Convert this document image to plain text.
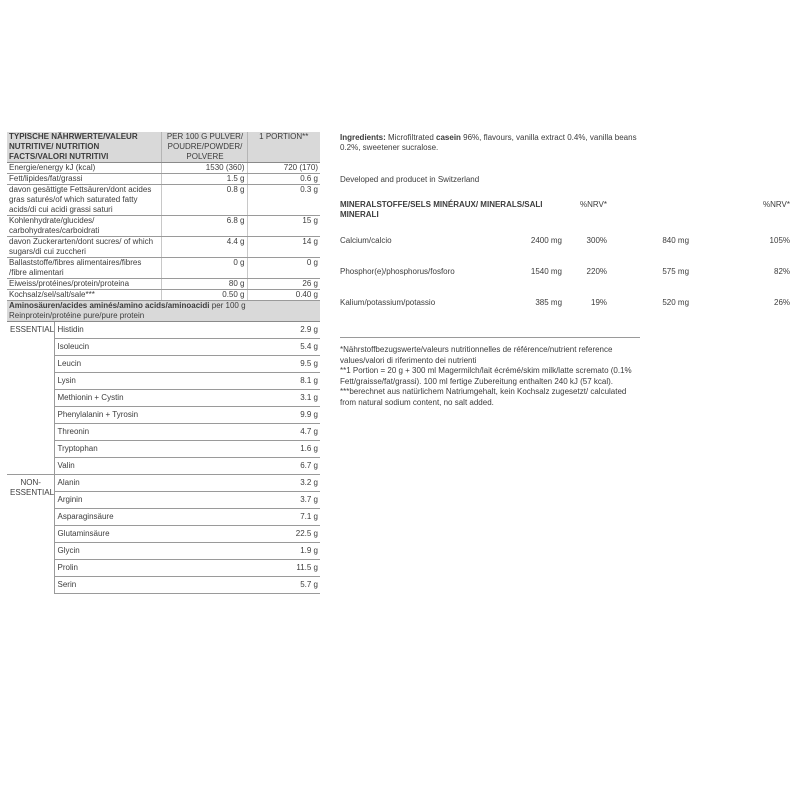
TYPISCHE NÄHRWERTE/VALEUR NUTRITIVE/ NUTRITION FACTS/VALORI NUTRITIVI	PER 100 G PULVER/ POUDRE/POWDER/ POLVERE	1 PORTION**
Energie/energy kJ (kcal)	1530 (360)	720 (170)
Fett/lipides/fat/grassi	1.5 g	0.6 g
davon gesättigte Fettsäuren/dont acides gras saturés/of which saturated fatty acids/di cui acidi grassi saturi	0.8 g	0.3 g
Kohlenhydrate/glucides/ carbohydrates/carboidrati	6.8 g	15 g
davon Zuckerarten/dont sucres/ of which sugars/di cui zuccheri	4.4 g	14 g
Ballaststoffe/fibres alimentaires/fibres /fibre alimentari	0 g	0 g
Eiweiss/protéines/protein/proteina	80 g	26 g
Kochsalz/sel/salt/sale***	0.50 g	0.40 g
Aminosäuren/acides aminés/amino acids/aminoacidi per 100 g Reinprotein/protéine pure/pure protein		
ESSENTIAL	Histidin	2.9 g
	Isoleucin	5.4 g
	Leucin	9.5 g
	Lysin	8.1 g
	Methionin + Cystin	3.1 g
	Phenylalanin + Tyrosin	9.9 g
	Threonin	4.7 g
	Tryptophan	1.6 g
	Valin	6.7 g
NON-ESSENTIAL	Alanin	3.2 g
	Arginin	3.7 g
	Asparaginsäure	7.1 g
	Glutaminsäure	22.5 g
	Glycin	1.9 g
	Prolin	11.5 g
	Serin	5.7 g
Ingredients: Microfiltrated casein 96%, flavours, vanilla extract 0.4%, vanilla beans 0.2%, sweetener sucralose.
Developed and producet in Switzerland
MINERALSTOFFE/SELS MINÉRAUX/ MINERALS/SALI MINERALI		%NRV*			%NRV*
Calcium/calcio	2400 mg	300%	840 mg		105%
Phosphor(e)/phosphorus/fosforo	1540 mg	220%	575 mg		82%
Kalium/potassium/potassio	385 mg	19%	520 mg		26%
*Nährstoffbezugswerte/valeurs nutritionnelles de référence/nutrient reference values/valori di riferimento dei nutrienti
**1 Portion = 20 g + 300 ml Magermilch/lait écrémé/skim milk/latte scremato (0.1% Fett/graisse/fat/grassi). 100 ml fertige Zubereitung enthalten 240 kJ (57 kcal).
***berechnet aus natürlichem Natriumgehalt, kein Kochsalz zugesetzt/ calculated from natural sodium content, no salt added.
